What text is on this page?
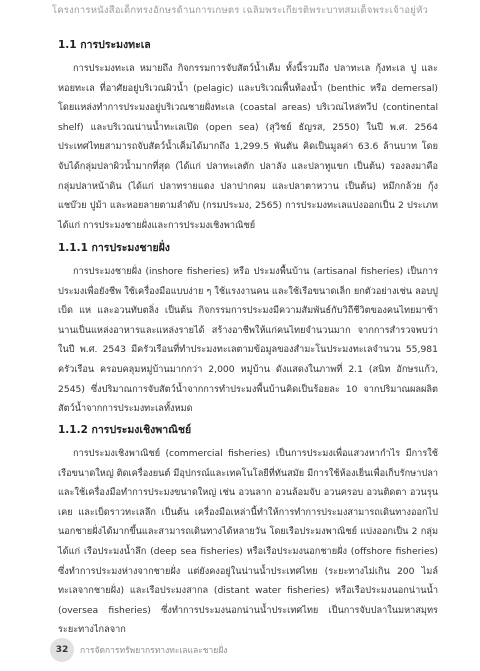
โครงการหนังสือเด็กทรงอักษรด้านการเกษตร เฉลิมพระเกียรติพระบาทสมเด็จพระเจ้าอยู่หัว
1.1 การประมงทะเล

การประมงทะเล หมายถึง กิจกรรมการจับสัตว์น้ำเค็ม ทั้งนี้รวมถึง ปลาทะเล กุ้งทะเล ปู และหอยทะเล ที่อาศัยอยู่บริเวณผิวน้ำ (pelagic) และบริเวณพื้นท้องน้ำ (benthic หรือ demersal) โดยแหล่งทำการประมงอยู่บริเวณชายฝั่งทะเล (coastal areas) บริเวณไหล่ทวีป (continental shelf) และบริเวณน่านน้ำทะเลเปิด (open sea) (สุวิชย์ ธัญรส, 2550) ในปี พ.ศ. 2564 ประเทศไทยสามารถจับสัตว์น้ำเค็มได้มากถึง 1,299.5 พันตัน คิดเป็นมูลค่า 63.6 ล้านบาท โดยจับได้กลุ่มปลาผิวน้ำมากที่สุด (ได้แก่ ปลาทะเลตัก ปลาลัง และปลาทูแขก เป็นต้น) รองลงมาคือกลุ่มปลาหน้าดิน (ได้แก่ ปลาทรายแดง ปลาปากคม และปลาตาหวาน เป็นต้น) หมึกกล้วย กุ้งแชบ๊วย ปูม้า และหอยลายตามลำดับ (กรมประมง, 2565) การประมงทะเลแบ่งออกเป็น 2 ประเภท ได้แก่ การประมงชายฝั่งและการประมงเชิงพาณิชย์

1.1.1 การประมงชายฝั่ง

การประมงชายฝั่ง (inshore fisheries) หรือ ประมงพื้นบ้าน (artisanal fisheries) เป็นการประมงเพื่อยังชีพ ใช้เครื่องมือแบบง่าย ๆ ใช้แรงงานคน และใช้เรือขนาดเล็ก ยกตัวอย่างเช่น ลอบปูเบ็ด แห และอวนทับตลิ่ง เป็นต้น กิจกรรมการประมงมีความสัมพันธ์กับวิถีชีวิตของคนไทยมาช้านานเป็นแหล่งอาหารและแหล่งรายได้ สร้างอาชีพให้แก่คนไทยจำนวนมาก จากการสำรวจพบว่าในปี พ.ศ. 2543 มีครัวเรือนที่ทำประมงทะเลตามข้อมูลของสำมะโนประมงทะเลจำนวน 55,981 ครัวเรือน ครอบคลุมหมู่บ้านมากกว่า 2,000 หมู่บ้าน ดังแสดงในภาพที่ 2.1 (สนิท อักษรแก้ว, 2545) ซึ่งปริมาณการจับสัตว์น้ำจากการทำประมงพื้นบ้านคิดเป็นร้อยละ 10 จากปริมาณผลผลิตสัตว์น้ำจากการประมงทะเลทั้งหมด

1.1.2 การประมงเชิงพาณิชย์

การประมงเชิงพาณิชย์ (commercial fisheries) เป็นการประมงเพื่อแสวงหากำไร มีการใช้เรือขนาดใหญ่ ติดเครื่องยนต์ มีอุปกรณ์และเทคโนโลยีที่ทันสมัย มีการใช้ห้องเย็นเพื่อเก็บรักษาปลา และใช้เครื่องมือทำการประมงขนาดใหญ่ เช่น อวนลาก อวนล้อมจับ อวนครอบ อวนติดตา อวนรุนเคย และเบ็ดราวทะเลลึก เป็นต้น เครื่องมือเหล่านี้ทำให้การทำการประมงสามารถเดินทางออกไปนอกชายฝั่งได้มากขึ้นและสามารถเดินทางได้หลายวัน โดยเรือประมงพาณิชย์ แบ่งออกเป็น 2 กลุ่มได้แก่ เรือประมงน้ำลึก (deep sea fisheries) หรือเรือประมงนอกชายฝั่ง (offshore fisheries) ซึ่งทำการประมงห่างจากชายฝั่ง แต่ยังคงอยู่ในน่านน้ำประเทศไทย (ระยะทางไม่เกิน 200 ไมล์ทะเลจากชายฝั่ง) และเรือประมงสากล (distant water fisheries) หรือเรือประมงนอกน่านน้ำ (oversea fisheries) ซึ่งทำการประมงนอกน่านน้ำประเทศไทย เป็นการจับปลาในมหาสมุทร ระยะทางไกลจาก

32	การจัดการทรัพยากรทางทะเลและชายฝั่ง
